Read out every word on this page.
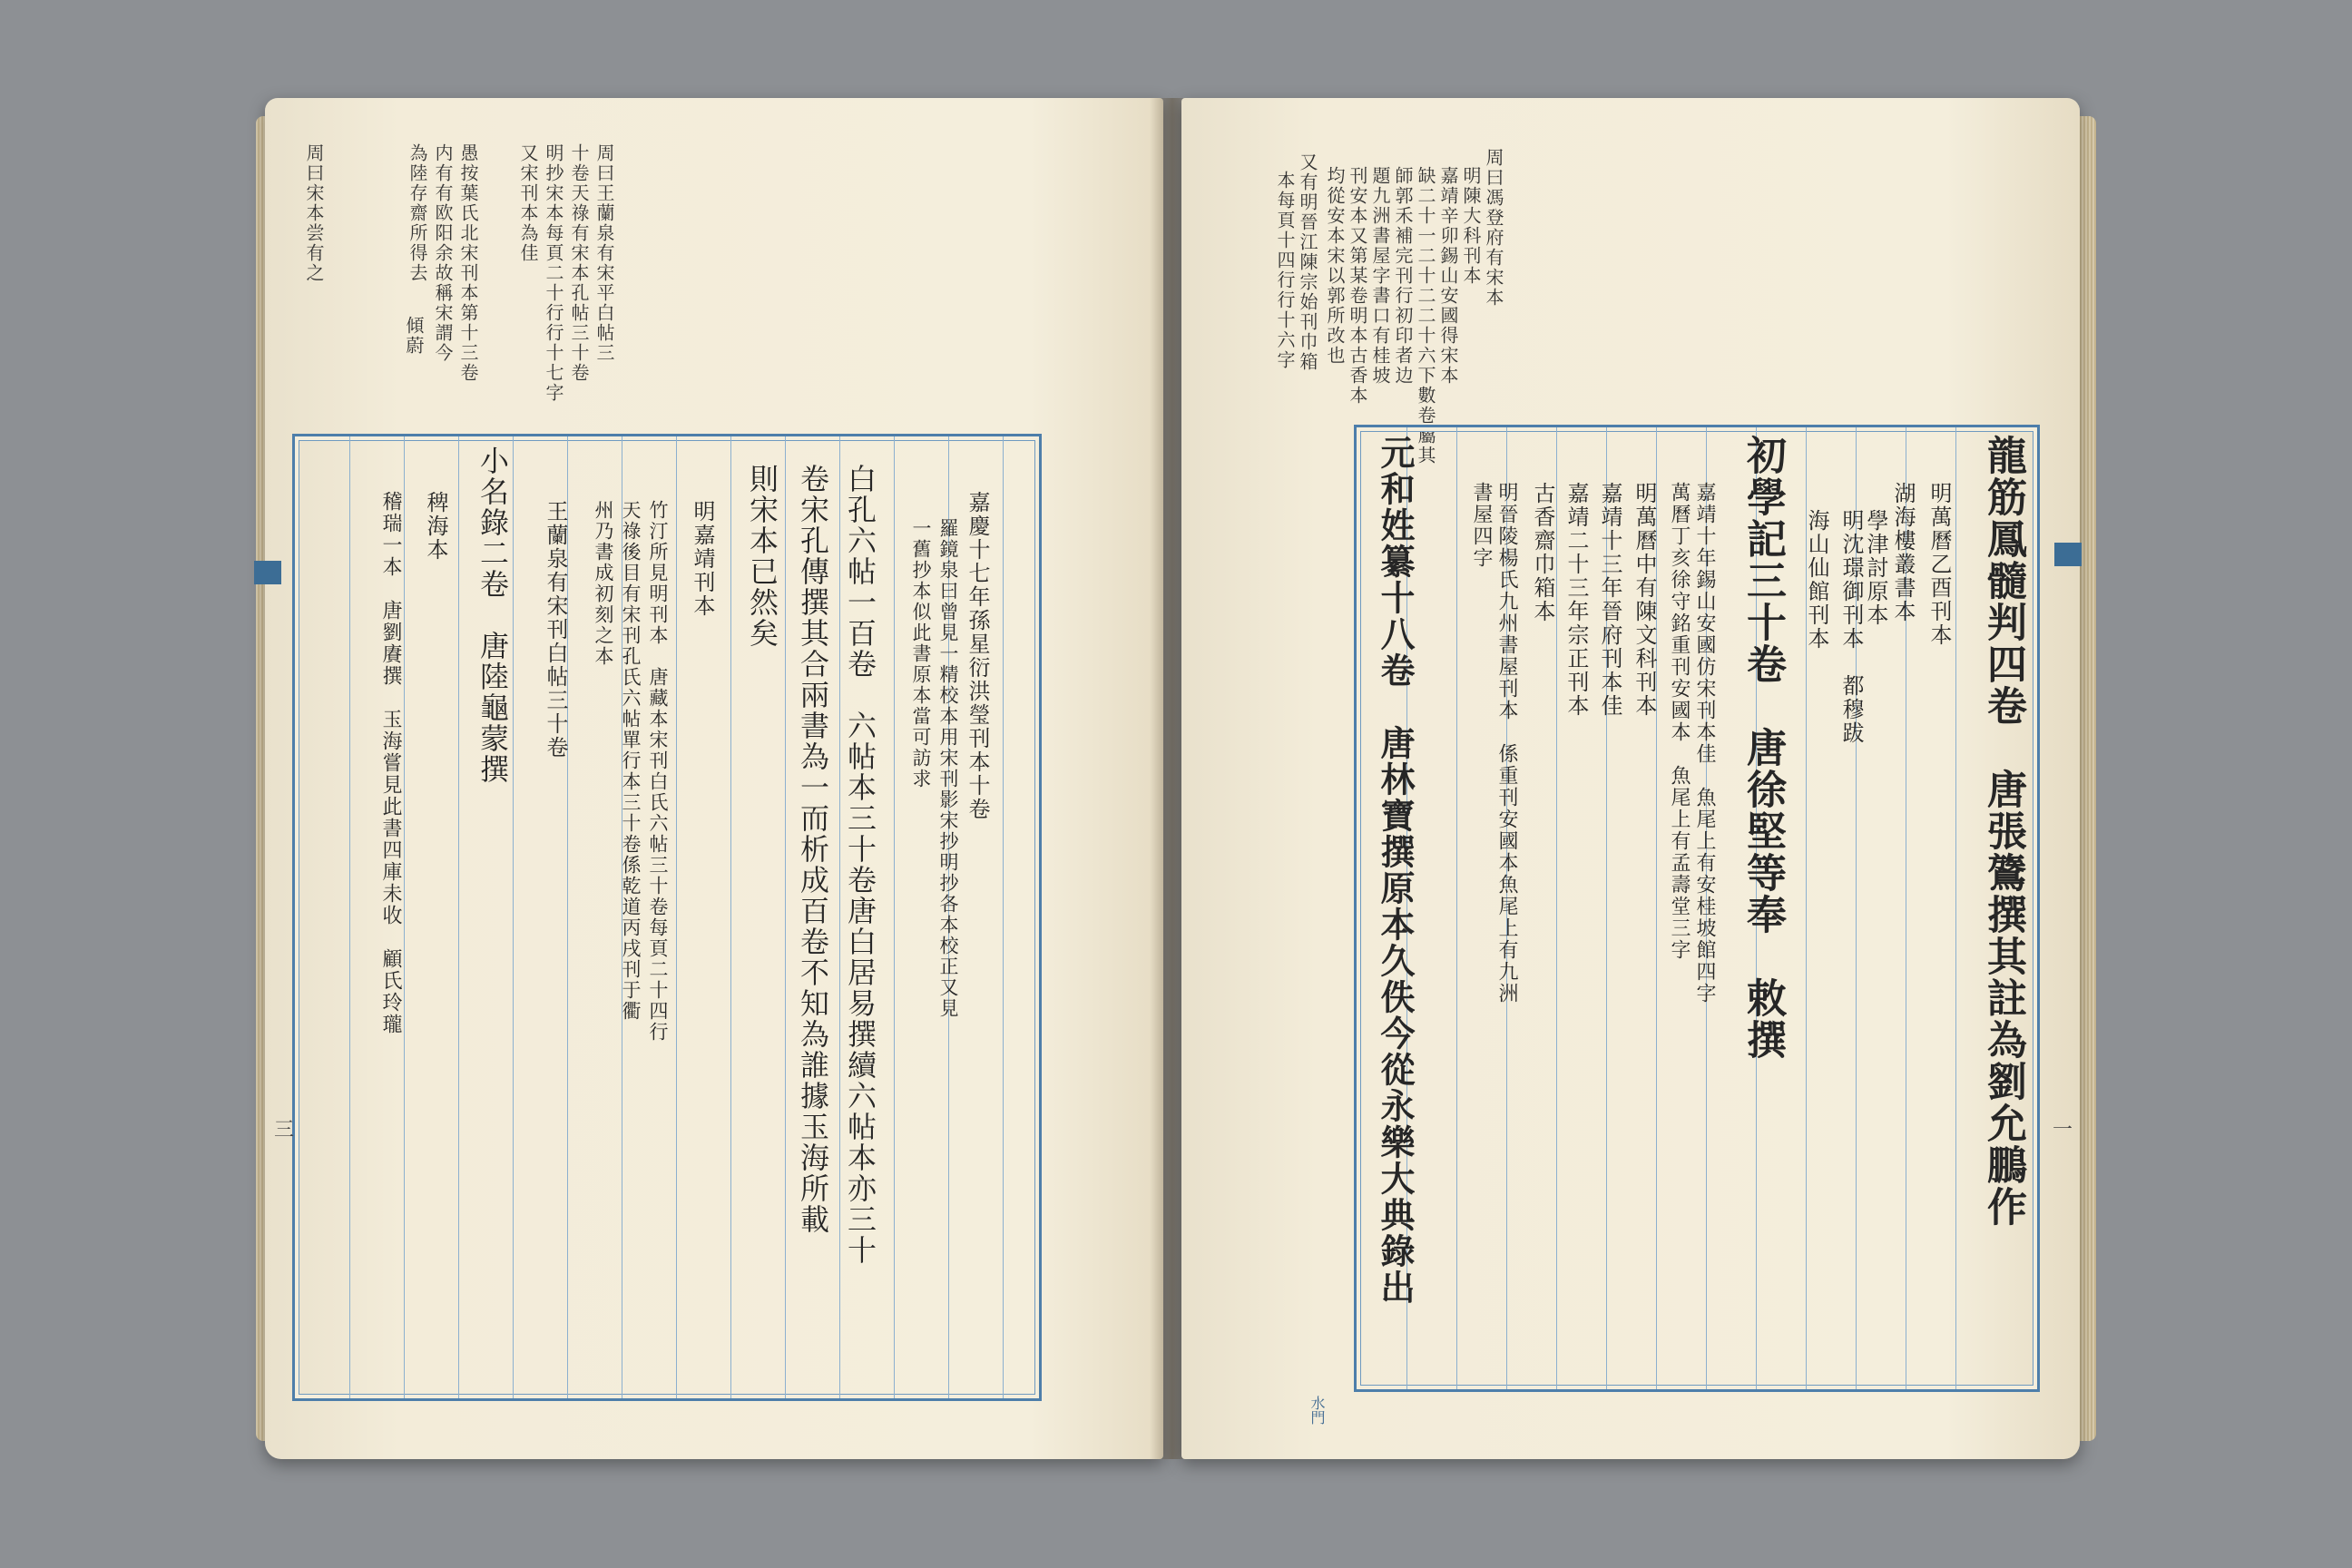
周曰宋本尝有之	愚按葉氏北宋刊本第十三卷
内有有欧阳余故稱宋謂今
為陸存齋所得去
傾蔚	周曰王蘭泉有宋平白帖三
十卷天祿有宋本孔帖三十卷
明抄宋本每頁二十行行十七字
又宋刊本為佳
嘉慶十七年孫星衍洪瑩刊本十卷
羅鏡泉曰曾見一精校本用宋刊影宋抄明抄各本校正又見
一舊抄本似此書原本當可訪求
白孔六帖一百卷　六帖本三十卷唐白居易撰續六帖本亦三十
卷宋孔傳撰其合兩書為一而析成百卷不知為誰據玉海所載
則宋本已然矣
明嘉靖刊本
竹汀所見明刊本　唐藏本宋刊白氏六帖三十卷每頁二十四行
天祿後目有宋刊孔氏六帖單行本三十卷係乾道丙戌刊于衢
州乃書成初刻之本
王蘭泉有宋刊白帖三十卷
小名錄二卷　唐陸龜蒙撰
稗海本
稽瑞一本　唐劉賡撰　玉海嘗見此書四庫未收　顧氏玲瓏
三
周曰馮登府有宋本
明陳大科刊本
嘉靖辛卯錫山安國得宋本
缺二十一二十二二十六下數卷屬其
師郭禾補完刊行初印者边
題九洲書屋字書口有桂坡
刊安本又第某卷明本古香本
均從安本宋以郭所改也
又有明晉江陳宗始刊巾箱
本每頁十四行行十六字
龍筋鳳髓判四卷　唐張鷟撰其註為劉允鵬作
明萬曆乙酉刊本
湖海樓叢書本
學津討原本
明沈璟御刊本　都穆跋
海山仙館刊本
初學記三十卷　唐徐堅等奉　敕撰
嘉靖十年錫山安國仿宋刊本佳　魚尾上有安桂坡館四字
萬曆丁亥徐守銘重刊安國本　魚尾上有孟壽堂三字
明萬曆中有陳文科刊本
嘉靖十三年晉府刊本佳
嘉靖二十三年宗正刊本
古香齋巾箱本
明晉陵楊氏九州書屋刊本　係重刊安國本魚尾上有九洲
書屋四字
元和姓纂十八卷　唐林寶撰原本久佚今從永樂大典錄出
水門
一
